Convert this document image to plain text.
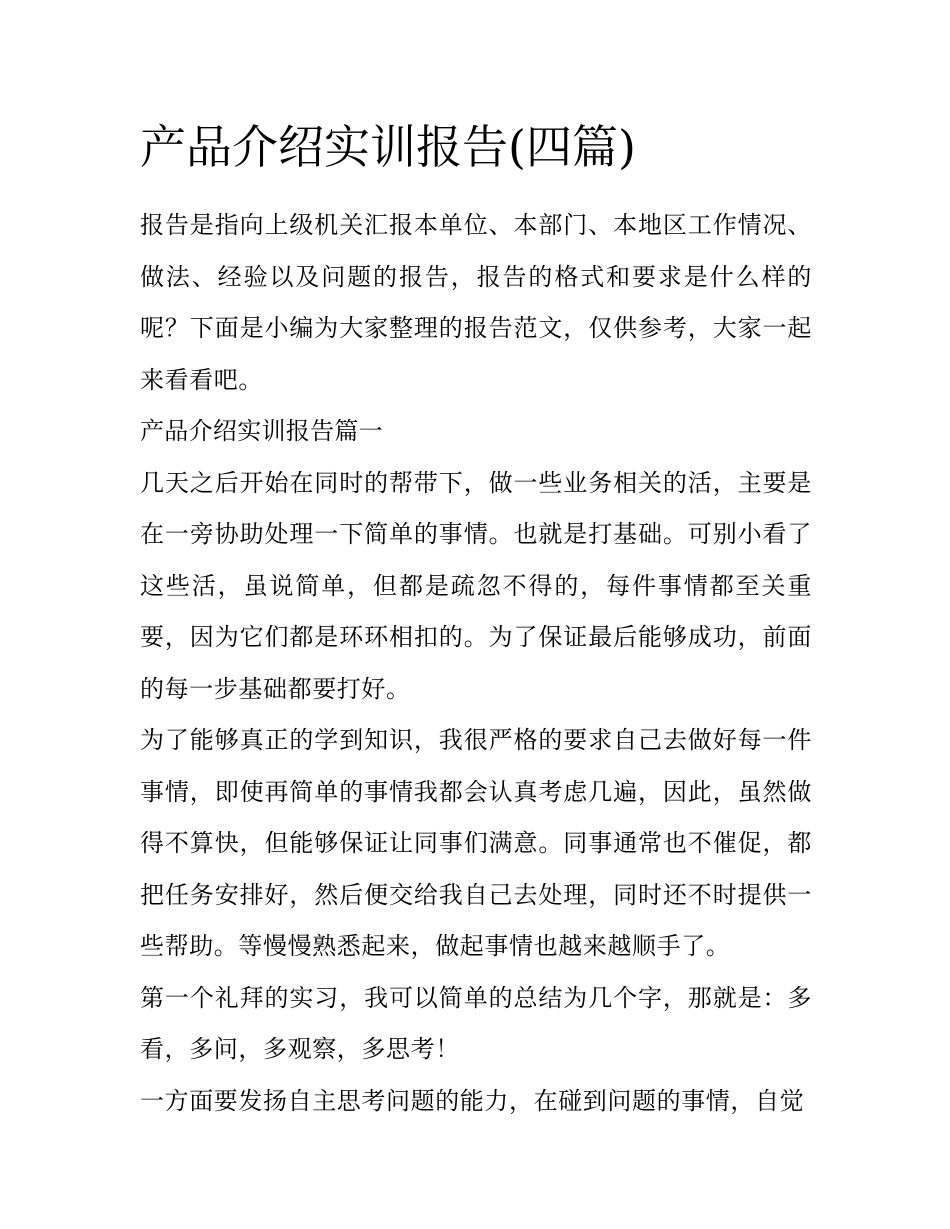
产品介绍实训报告(四篇)

报告是指向上级机关汇报本单位、本部门、本地区工作情况、做法、经验以及问题的报告，报告的格式和要求是什么样的呢？下面是小编为大家整理的报告范文，仅供参考，大家一起来看看吧。

产品介绍实训报告篇一

几天之后开始在同时的帮带下，做一些业务相关的活，主要是在一旁协助处理一下简单的事情。也就是打基础。可别小看了这些活，虽说简单，但都是疏忽不得的，每件事情都至关重要，因为它们都是环环相扣的。为了保证最后能够成功，前面的每一步基础都要打好。

为了能够真正的学到知识，我很严格的要求自己去做好每一件事情，即使再简单的事情我都会认真考虑几遍，因此，虽然做得不算快，但能够保证让同事们满意。同事通常也不催促，都把任务安排好，然后便交给我自己去处理，同时还不时提供一些帮助。等慢慢熟悉起来，做起事情也越来越顺手了。

第一个礼拜的实习，我可以简单的总结为几个字，那就是：多看，多问，多观察，多思考！

一方面要发扬自主思考问题的能力，在碰到问题的事情，自觉
